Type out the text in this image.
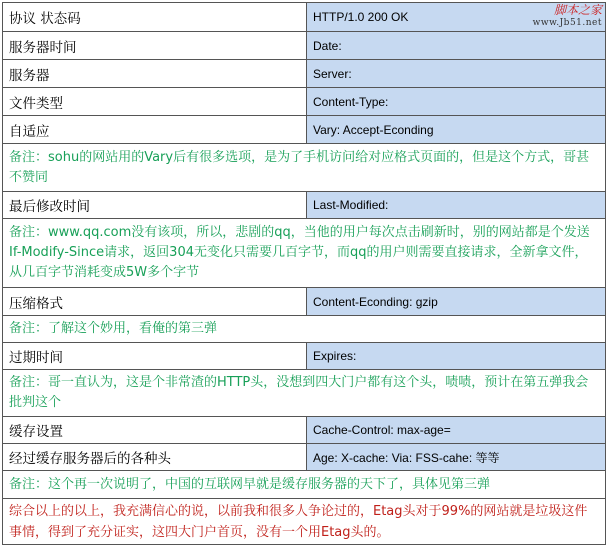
协议 状态码	HTTP/1.0 200 OK
服务器时间	Date:
服务器	Server:
文件类型	Content-Type:
自适应	Vary: Accept-Econding
备注：sohu的网站用的Vary后有很多选项，是为了手机访问给对应格式页面的，但是这个方式，哥甚不赞同	
最后修改时间	Last-Modified:
备注：www.qq.com没有该项，所以，悲剧的qq，当他的用户每次点击刷新时，别的网站都是个发送If-Modify-Since请求，返回304无变化只需要几百字节，而qq的用户则需要直接请求，全新拿文件，从几百字节消耗变成5W多个字节	
压缩格式	Content-Econding: gzip
备注：了解这个妙用，看俺的第三弹	
过期时间	Expires:
备注：哥一直认为，这是个非常渣的HTTP头，没想到四大门户都有这个头，啧啧，预计在第五弹我会批判这个	
缓存设置	Cache-Control: max-age=
经过缓存服务器后的各种头	Age: X-cache: Via: FSS-cahe: 等等
备注：这个再一次说明了，中国的互联网早就是缓存服务器的天下了，具体见第三弹	
综合以上的以上，我充满信心的说，以前我和很多人争论过的，Etag头对于99%的网站就是垃圾这件事情，得到了充分证实，这四大门户首页，没有一个用Etag头的。	
脚本之家
www.Jb51.net
